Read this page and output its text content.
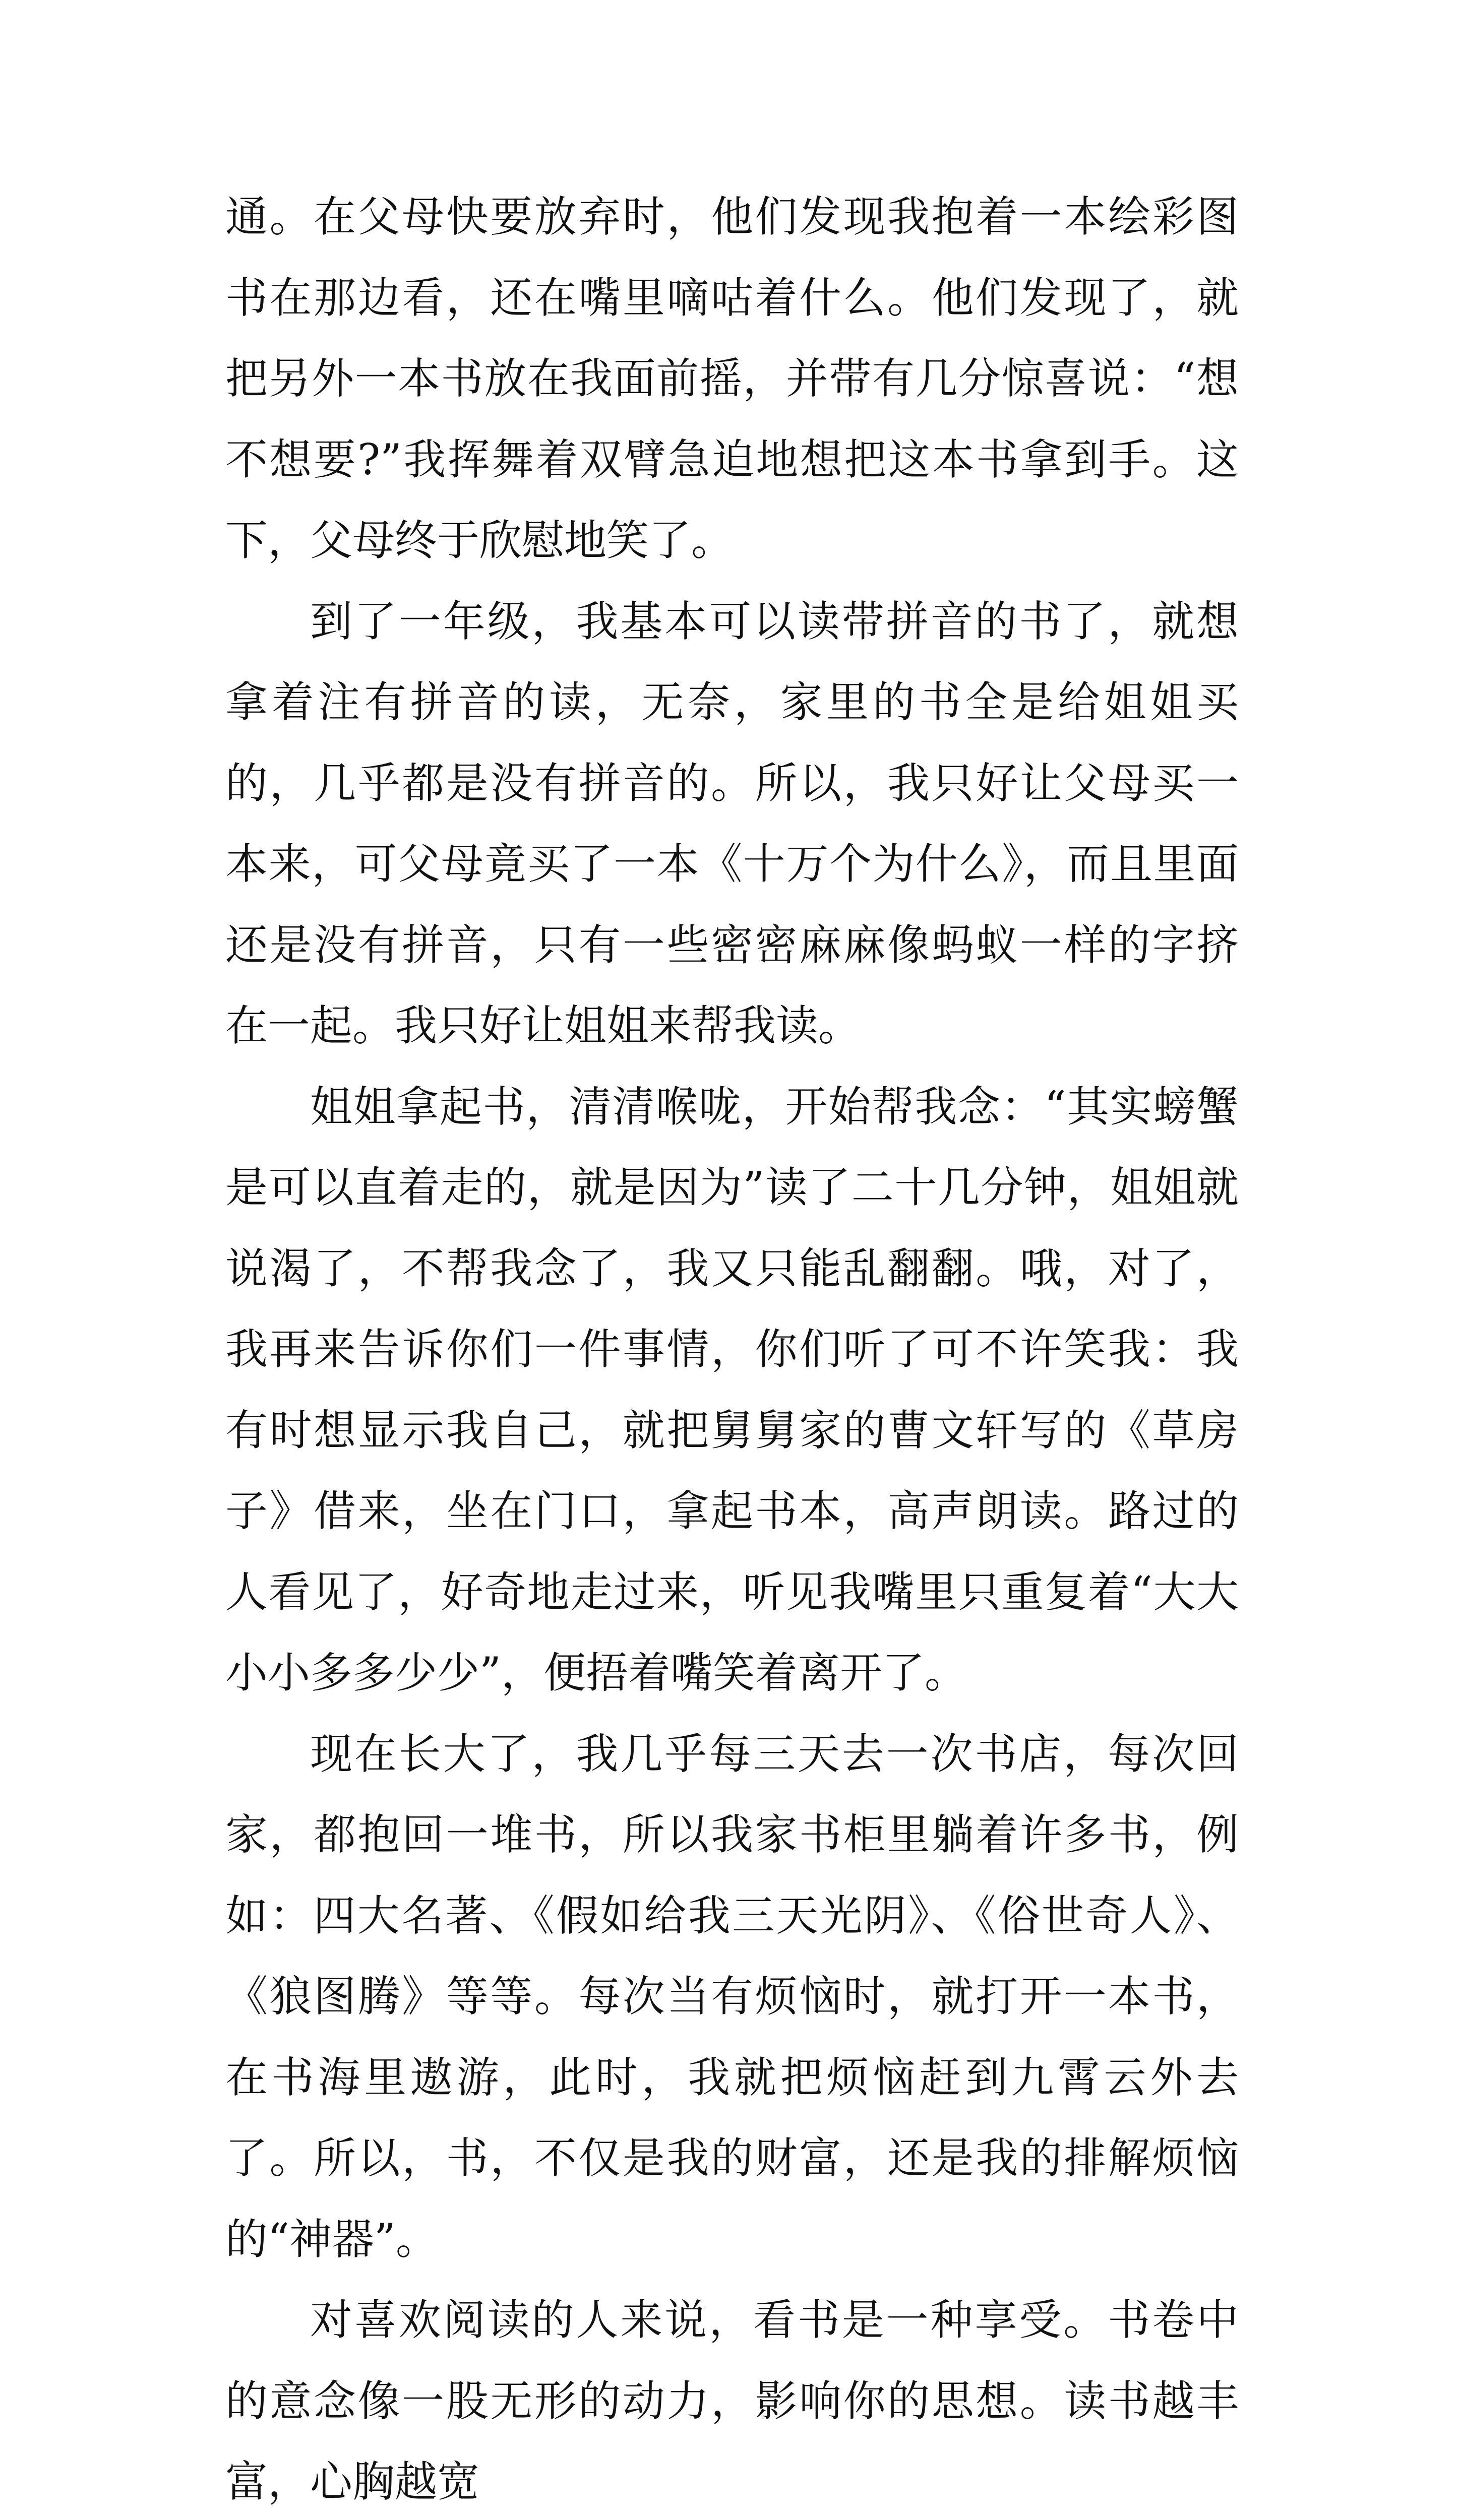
通。在父母快要放弃时，他们发现我抱着一本绘彩图书在那边看，还在嘴里嘀咕着什么。他们发现了，就把另外一本书放在我面前摇，并带有几分惊喜说：“想不想要?”我挥舞着双臂急迫地想把这本书拿到手。这下，父母终于欣慰地笑了。

到了一年级，我基本可以读带拼音的书了，就想拿着注有拼音的读，无奈，家里的书全是给姐姐买的，几乎都是没有拼音的。所以，我只好让父母买一本来，可父母竟买了一本《十万个为什么》，而且里面还是没有拼音，只有一些密密麻麻像蚂蚁一样的字挤在一起。我只好让姐姐来帮我读。

姐姐拿起书，清清喉咙，开始帮我念：“其实螃蟹是可以直着走的，就是因为”读了二十几分钟，姐姐就说渴了，不帮我念了，我又只能乱翻翻。哦，对了，我再来告诉你们一件事情，你们听了可不许笑我：我有时想显示我自己，就把舅舅家的曹文轩写的《草房子》借来，坐在门口，拿起书本，高声朗读。路过的人看见了，好奇地走过来，听见我嘴里只重复着“大大小小多多少少”，便捂着嘴笑着离开了。

现在长大了，我几乎每三天去一次书店，每次回家，都抱回一堆书，所以我家书柜里躺着许多书，例如：四大名著、《假如给我三天光阴》、《俗世奇人》、《狼图腾》等等。每次当有烦恼时，就打开一本书，在书海里遨游，此时，我就把烦恼赶到九霄云外去了。所以，书，不仅是我的财富，还是我的排解烦恼的“神器”。

对喜欢阅读的人来说，看书是一种享受。书卷中的意念像一股无形的动力，影响你的思想。读书越丰富，心胸越宽
